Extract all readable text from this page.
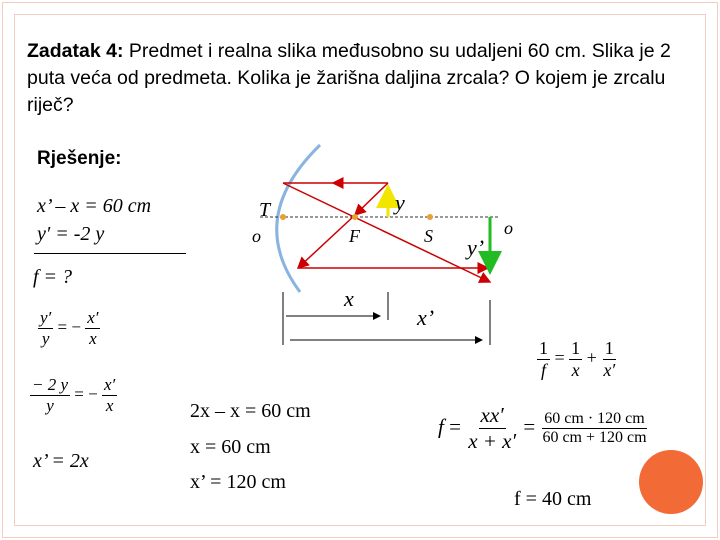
Zadatak 4: Predmet i realna slika međusobno su udaljeni 60 cm. Slika je 2 puta veća od predmeta. Kolika je žarišna daljina zrcala? O kojem je zrcalu riječ?
Rješenje:
x’ – x = 60 cm
y′ = -2 y
f = ?
$\frac{y'}{y}$ = − $\frac{x'}{x}$
$\frac{- 2 y}{y}$ = − $\frac{x'}{x}$
x’ = 2x
2x – x = 60 cm
x = 60 cm
x’ = 120 cm
T
o	F	S	o
y
y’
x
x’
$\frac{1}{f} = \frac{1}{x} + \frac{1}{x'}$
$f = \frac{xx'}{x + x'} = \frac{60 cm \cdot 120 cm}{60 cm + 120 cm}$
f = 40 cm
